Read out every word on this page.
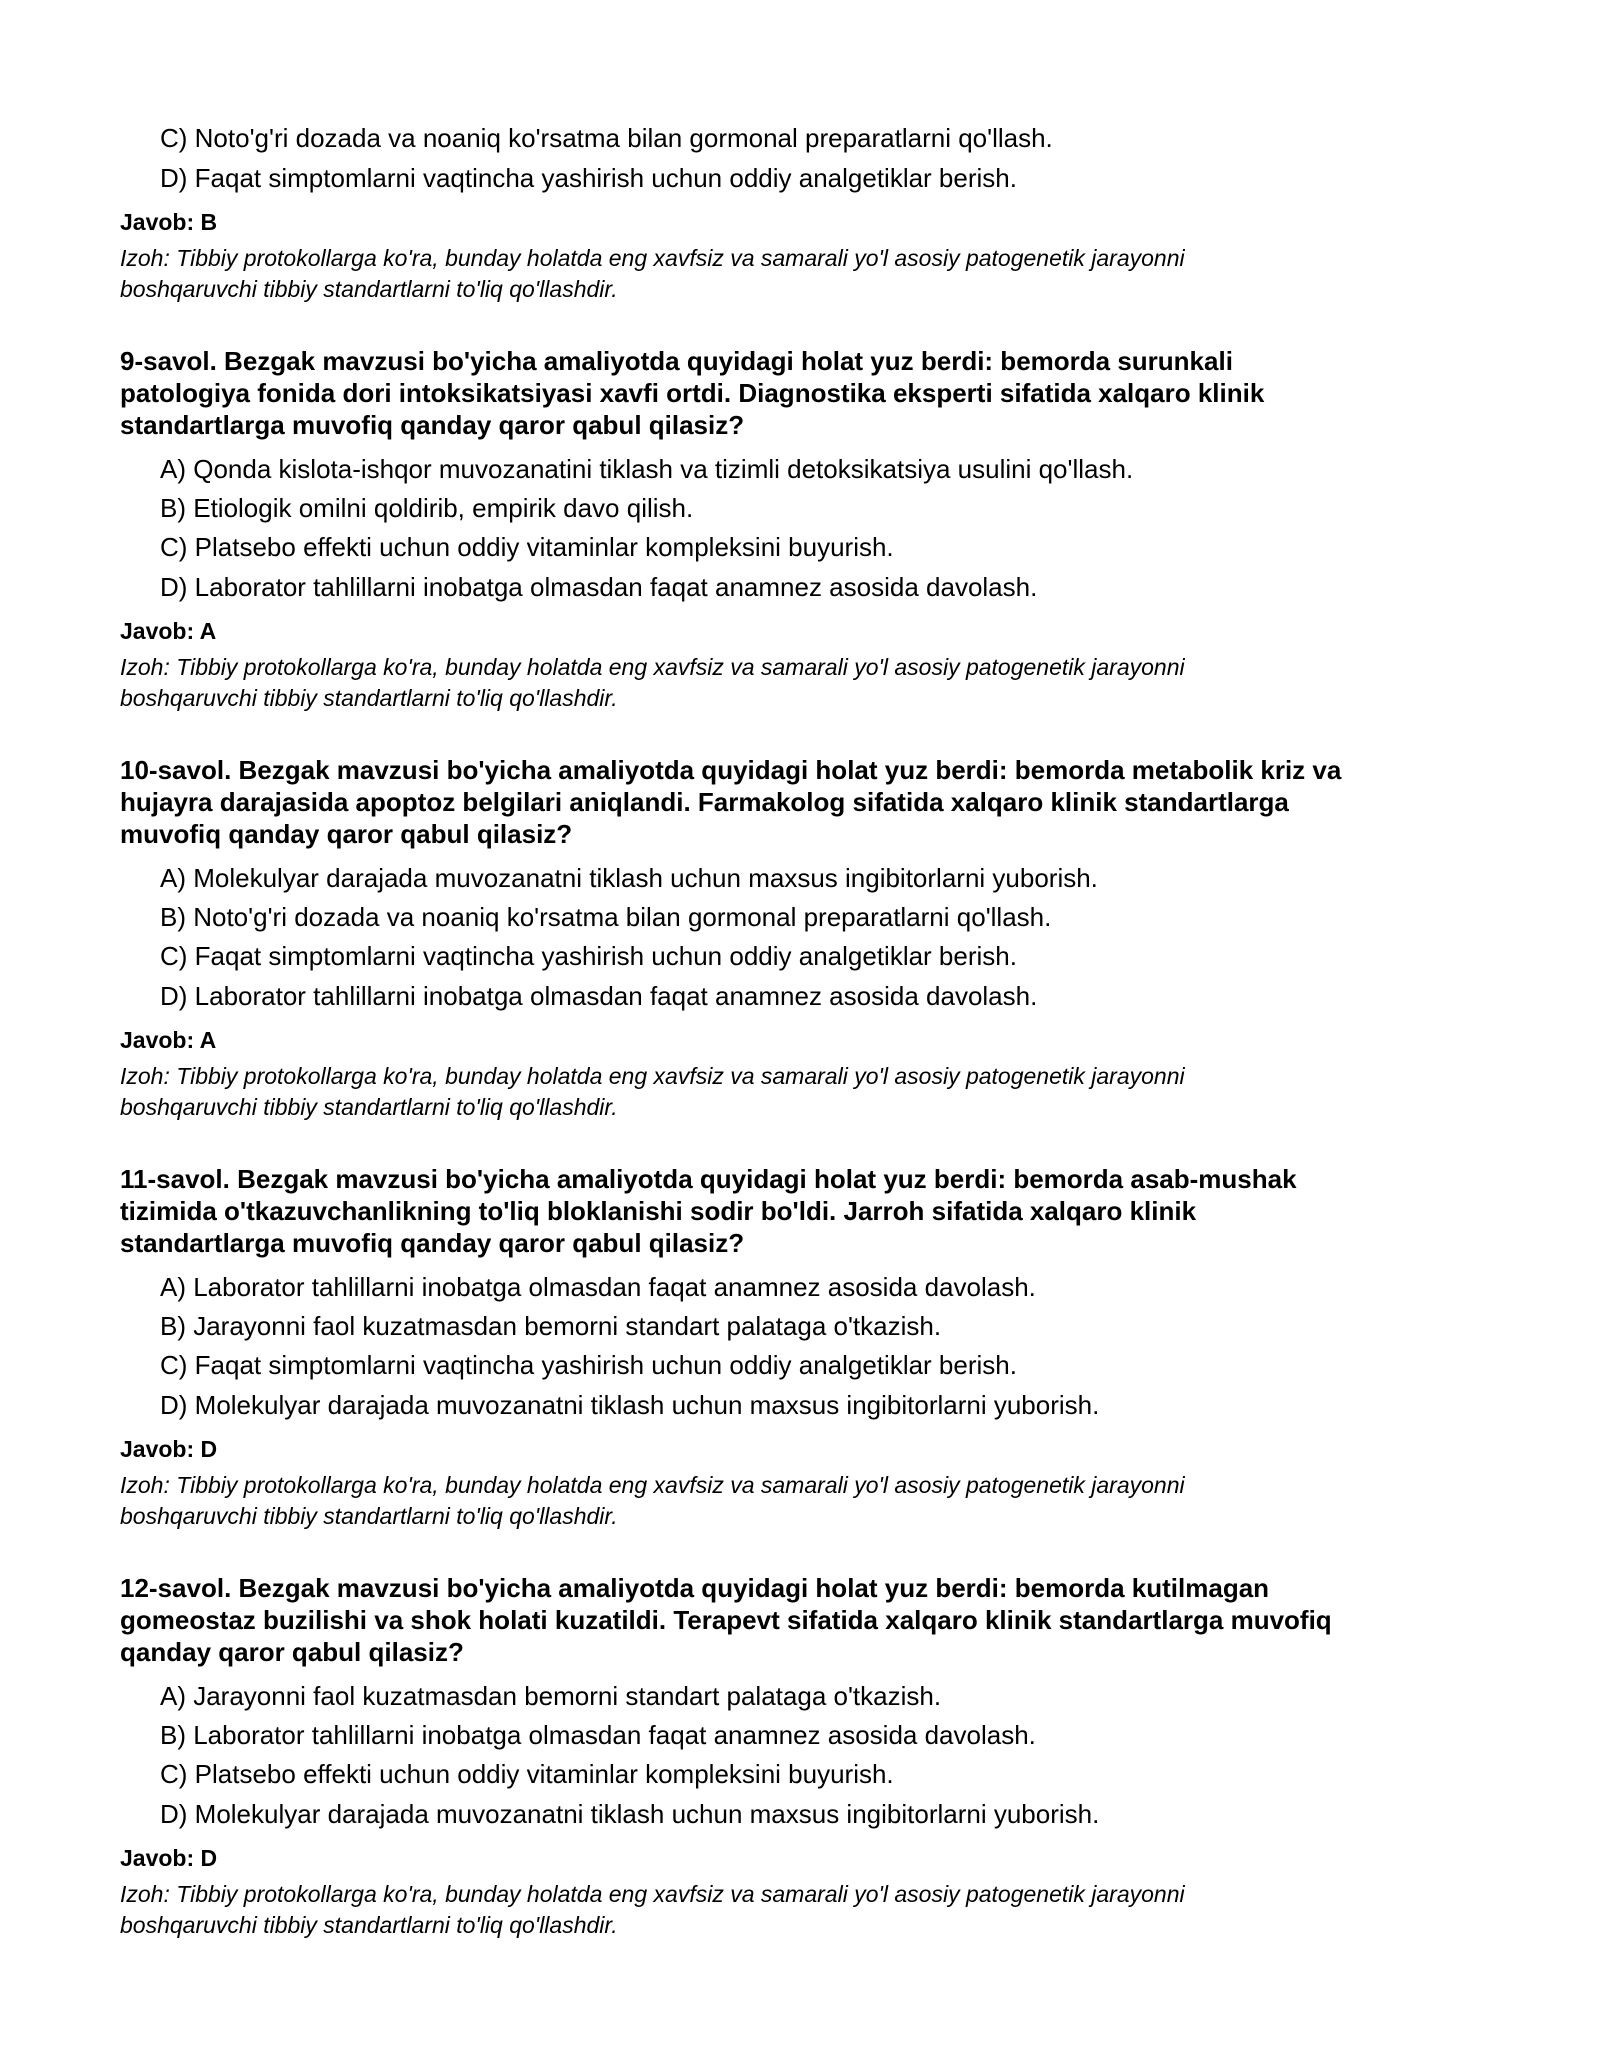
C) Noto'g'ri dozada va noaniq ko'rsatma bilan gormonal preparatlarni qo'llash.
D) Faqat simptomlarni vaqtincha yashirish uchun oddiy analgetiklar berish.
Javob: B
Izoh: Tibbiy protokollarga ko'ra, bunday holatda eng xavfsiz va samarali yo'l asosiy patogenetik jarayonni
boshqaruvchi tibbiy standartlarni to'liq qo'llashdir.
9-savol. Bezgak mavzusi bo'yicha amaliyotda quyidagi holat yuz berdi: bemorda surunkali
patologiya fonida dori intoksikatsiyasi xavfi ortdi. Diagnostika eksperti sifatida xalqaro klinik
standartlarga muvofiq qanday qaror qabul qilasiz?
A) Qonda kislota-ishqor muvozanatini tiklash va tizimli detoksikatsiya usulini qo'llash.
B) Etiologik omilni qoldirib, empirik davo qilish.
C) Platsebo effekti uchun oddiy vitaminlar kompleksini buyurish.
D) Laborator tahlillarni inobatga olmasdan faqat anamnez asosida davolash.
Javob: A
Izoh: Tibbiy protokollarga ko'ra, bunday holatda eng xavfsiz va samarali yo'l asosiy patogenetik jarayonni
boshqaruvchi tibbiy standartlarni to'liq qo'llashdir.
10-savol. Bezgak mavzusi bo'yicha amaliyotda quyidagi holat yuz berdi: bemorda metabolik kriz va
hujayra darajasida apoptoz belgilari aniqlandi. Farmakolog sifatida xalqaro klinik standartlarga
muvofiq qanday qaror qabul qilasiz?
A) Molekulyar darajada muvozanatni tiklash uchun maxsus ingibitorlarni yuborish.
B) Noto'g'ri dozada va noaniq ko'rsatma bilan gormonal preparatlarni qo'llash.
C) Faqat simptomlarni vaqtincha yashirish uchun oddiy analgetiklar berish.
D) Laborator tahlillarni inobatga olmasdan faqat anamnez asosida davolash.
Javob: A
Izoh: Tibbiy protokollarga ko'ra, bunday holatda eng xavfsiz va samarali yo'l asosiy patogenetik jarayonni
boshqaruvchi tibbiy standartlarni to'liq qo'llashdir.
11-savol. Bezgak mavzusi bo'yicha amaliyotda quyidagi holat yuz berdi: bemorda asab-mushak
tizimida o'tkazuvchanlikning to'liq bloklanishi sodir bo'ldi. Jarroh sifatida xalqaro klinik
standartlarga muvofiq qanday qaror qabul qilasiz?
A) Laborator tahlillarni inobatga olmasdan faqat anamnez asosida davolash.
B) Jarayonni faol kuzatmasdan bemorni standart palataga o'tkazish.
C) Faqat simptomlarni vaqtincha yashirish uchun oddiy analgetiklar berish.
D) Molekulyar darajada muvozanatni tiklash uchun maxsus ingibitorlarni yuborish.
Javob: D
Izoh: Tibbiy protokollarga ko'ra, bunday holatda eng xavfsiz va samarali yo'l asosiy patogenetik jarayonni
boshqaruvchi tibbiy standartlarni to'liq qo'llashdir.
12-savol. Bezgak mavzusi bo'yicha amaliyotda quyidagi holat yuz berdi: bemorda kutilmagan
gomeostaz buzilishi va shok holati kuzatildi. Terapevt sifatida xalqaro klinik standartlarga muvofiq
qanday qaror qabul qilasiz?
A) Jarayonni faol kuzatmasdan bemorni standart palataga o'tkazish.
B) Laborator tahlillarni inobatga olmasdan faqat anamnez asosida davolash.
C) Platsebo effekti uchun oddiy vitaminlar kompleksini buyurish.
D) Molekulyar darajada muvozanatni tiklash uchun maxsus ingibitorlarni yuborish.
Javob: D
Izoh: Tibbiy protokollarga ko'ra, bunday holatda eng xavfsiz va samarali yo'l asosiy patogenetik jarayonni
boshqaruvchi tibbiy standartlarni to'liq qo'llashdir.
